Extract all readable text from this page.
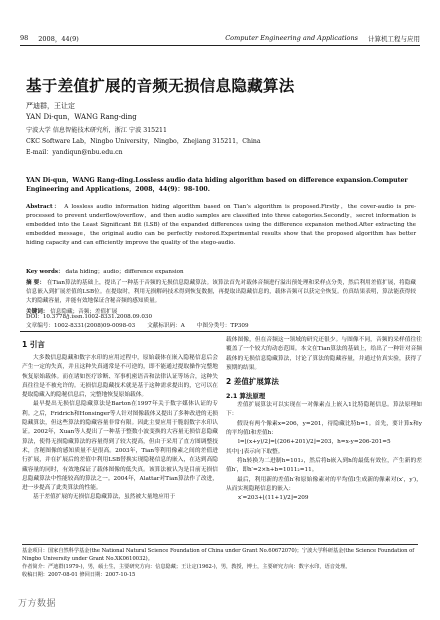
98 2008，44(9)	Computer Engineering and Applications 计算机工程与应用
基于差值扩展的音频无损信息隐藏算法
严迪群，王让定
YAN Di-qun，WANG Rang-ding
宁波大学 信息智能技术研究所，浙江 宁波 315211
CKC Software Lab，Ningbo University，Ningbo，Zhejiang 315211，China
E-mail：yandiqun@nbu.edu.cn
YAN Di-qun，WANG Rang-ding.Lossless audio data hiding algorithm based on difference expansion.Computer Engineering and Applications，2008，44(9)：98-100.
Abstract： A lossless audio information hiding algorithm based on Tian’s algorithm is proposed.Firstly，the cover-audio is pre-processed to prevent underflow/overflow，and then audio samples are classified into three categories.Secondly，secret information is embedded into the Least Significant Bit (LSB) of the expanded differences using the difference expansion method.After extracting the embedded message，the original audio can be perfectly restored.Experimental results show that the proposed algorithm has better hiding capacity and can efficiently improve the quality of the stego-audio.
Key words： data hiding；audio；difference expansion
摘 要： 在Tian算法的基础上，提出了一种基于音频的无损信息隐藏算法。该算法首先对载体音频进行溢出预处理和采样点分类，然后利用差值扩展，将隐藏信息嵌入到扩展差值的LSB位。在提取时，利用无损解码技术得到恢复数据，再提取出隐藏信息的，载体音频可以获完全恢复。仿真结果表明，算法能获得较大的隐藏容量，并能有效地保证含秘音频的感知质量。
关键词： 信息隐藏；音频；差值扩展
DOI：10.3778/j.issn.1002-8331.2008.09.030
文章编号：1002-8331(2008)09-0098-03 文献标识码：A 中图分类号：TP309
1 引言
大多数信息隐藏和数字水印的应用过程中，原始载体在嵌入隐秘信息后会产生一定的失真，并且这种失真通常是不可逆的，即不能通过提取操作完整地恢复原始载体。而在诸如医疗诊断、军事机密语音和法律认证等场合，这种失真往往是不被允许的。无损信息隐藏技术就是基于这种需求提出的，它可以在提取隐藏入的隐秘信息后，完整地恢复原始载体。
最早提出无损信息隐藏算法是Barton在1997年关于数字媒体认证的专利。之后，Fridrich和Honsinger等人针对图像载体又提出了多种改进的无损隐藏算法，但这些算法的隐藏容量非常有限。因此主要应用于脆弱数字水印认证。2002年，Xuan等人提出了一种基于整数小波变换的大容量无损信息隐藏算法，使得无损隐藏算法的容量得到了较大提高，但由于采用了直方图调整技术，含秘图像的感知质量不是很高。2003年，Tian等利用像素之间的差值进行扩展，并在扩展后的差值中利用LSB替换实现隐秘信息的嵌入，在达到高隐藏容量的同时，有效地保证了载体图像的低失真。该算法被认为是目前无损信息隐藏算法中性能较高的算法之一。2004年，Alattar对Tian算法作了改进，进一步提高了此类算法的性能。
基于差值扩展的无损信息隐藏算法，虽然被大量地应用于
载体图像，但在音频这一领域的研究还很少。与图像不同，音频的采样值往往覆盖了一个较大的动态范围。本文在Tian算法的基础上，给出了一种针对音频载体的无损信息隐藏算法，讨论了算法的隐藏容量，并通过仿真实验，获得了预期的结果。
2 差值扩展算法
2.1 算法原理
差值扩展算法可以实现在一对像素点上嵌入1比特隐秘信息。算法原理如下：
假设有两个像素x=206，y=201，待隐藏比特b=1。首先，要计算x和y的平均值l和差值h：
l=⌊(x+y)/2⌋=⌊(206+201)/2⌋=203，h=x-y=206-201=5
其中⌊·⌋表示向下取整。
将h转换为二进制h=101₂，然后将b嵌入到h的最低有效位，产生新的差值h′，即h′=2×h+b=1011₂=11。
最后，利用新的差值h′和原始像素对的平均值l生成新的像素对(x′，y′)，从而实现隐秘信息的嵌入：
x′=203+⌊(11+1)/2⌋=209
基金项目：国家自然科学基金(the National Natural Science Foundation of China under Grant No.60672070)；宁波大学科研基金(the Science Foundation of Ningbo University under Grant No.XK0610032)。
作者简介：严迪群(1979-)，男，硕士生，主要研究方向：信息隐藏；王让定(1962-)，男，教授，博士，主要研究方向：数字水印，语音处理。
收稿日期：2007-08-01 修回日期：2007-10-15
万方数据
